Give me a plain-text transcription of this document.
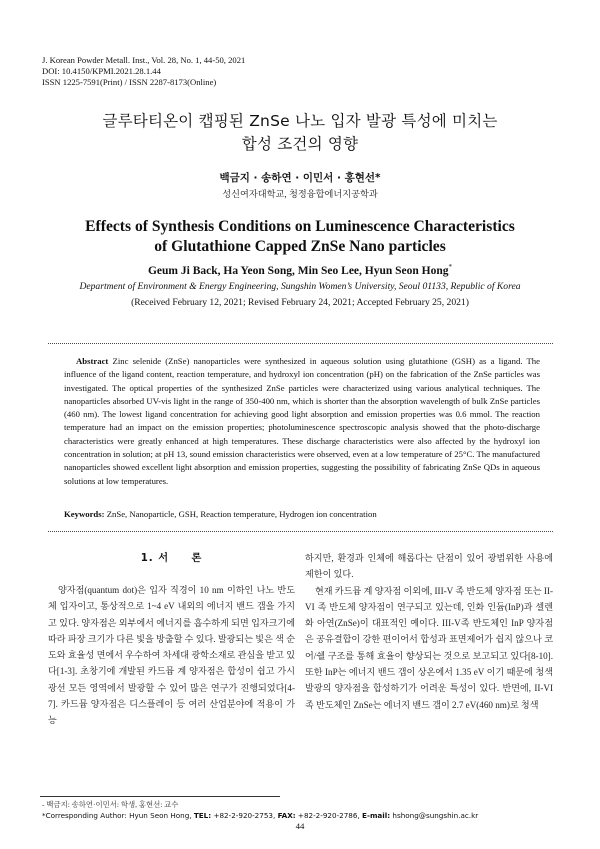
J. Korean Powder Metall. Inst., Vol. 28, No. 1, 44-50, 2021
DOI: 10.4150/KPMI.2021.28.1.44
ISSN 1225-7591(Print) / ISSN 2287-8173(Online)
글루타티온이 캡핑된 ZnSe 나노 입자 발광 특성에 미치는
합성 조건의 영향
백금지 · 송하연 · 이민서 · 홍현선*
성신여자대학교, 청정융합에너지공학과
Effects of Synthesis Conditions on Luminescence Characteristics
of Glutathione Capped ZnSe Nano particles
Geum Ji Back, Ha Yeon Song, Min Seo Lee, Hyun Seon Hong*
Department of Environment & Energy Engineering, Sungshin Women’s University, Seoul 01133, Republic of Korea
(Received February 12, 2021; Revised February 24, 2021; Accepted February 25, 2021)
Abstract Zinc selenide (ZnSe) nanoparticles were synthesized in aqueous solution using glutathione (GSH) as a ligand. The influence of the ligand content, reaction temperature, and hydroxyl ion concentration (pH) on the fabrication of the ZnSe particles was investigated. The optical properties of the synthesized ZnSe particles were characterized using various analytical techniques. The nanoparticles absorbed UV-vis light in the range of 350-400 nm, which is shorter than the absorption wavelength of bulk ZnSe particles (460 nm). The lowest ligand concentration for achieving good light absorption and emission properties was 0.6 mmol. The reaction temperature had an impact on the emission properties; photoluminescence spectroscopic analysis showed that the photo-discharge characteristics were greatly enhanced at high temperatures. These discharge characteristics were also affected by the hydroxyl ion concentration in solution; at pH 13, sound emission characteristics were observed, even at a low temperature of 25°C. The manufactured nanoparticles showed excellent light absorption and emission properties, suggesting the possibility of fabricating ZnSe QDs in aqueous solutions at low temperatures.
Keywords: ZnSe, Nanoparticle, GSH, Reaction temperature, Hydrogen ion concentration
1. 서　　론
양자점(quantum dot)은 입자 직경이 10 nm 이하인 나노 반도체 입자이고, 통상적으로 1~4 eV 내외의 에너지 밴드 갭을 가지고 있다. 양자점은 외부에서 에너지를 흡수하게 되면 입자크기에 따라 파장 크기가 다른 빛을 방출할 수 있다. 발광되는 빛은 색 순도와 효율성 면에서 우수하여 차세대 광학소재로 관심을 받고 있다[1-3]. 초창기에 개발된 카드뮴 계 양자점은 합성이 쉽고 가시광선 모든 영역에서 발광할 수 있어 많은 연구가 진행되었다[4-7]. 카드뮴 양자점은 디스플레이 등 여러 산업분야에 적용이 가능

하지만, 환경과 인체에 해롭다는 단점이 있어 광범위한 사용에 제한이 있다.

현재 카드뮴 계 양자점 이외에, III-V 족 반도체 양자점 또는 II-VI 족 반도체 양자점이 연구되고 있는데, 인화 인듐(InP)과 셀렌화 아연(ZnSe)이 대표적인 예이다. III-V족 반도체인 InP 양자점은 공유결합이 강한 편이어서 합성과 표면제어가 쉽지 않으나 코어/쉘 구조를 통해 효율이 향상되는 것으로 보고되고 있다[8-10]. 또한 InP는 에너지 밴드 갭이 상온에서 1.35 eV 이기 때문에 청색 발광의 양자점을 합성하기가 어려운 특성이 있다. 반면에, II-VI족 반도체인 ZnSe는 에너지 밴드 갭이 2.7 eV(460 nm)로 청색

- 백금지: 송하연·이민서: 학생, 홍현선: 교수
*Corresponding Author: Hyun Seon Hong, TEL: +82-2-920-2753, FAX: +82-2-920-2786, E-mail: hshong@sungshin.ac.kr
44
